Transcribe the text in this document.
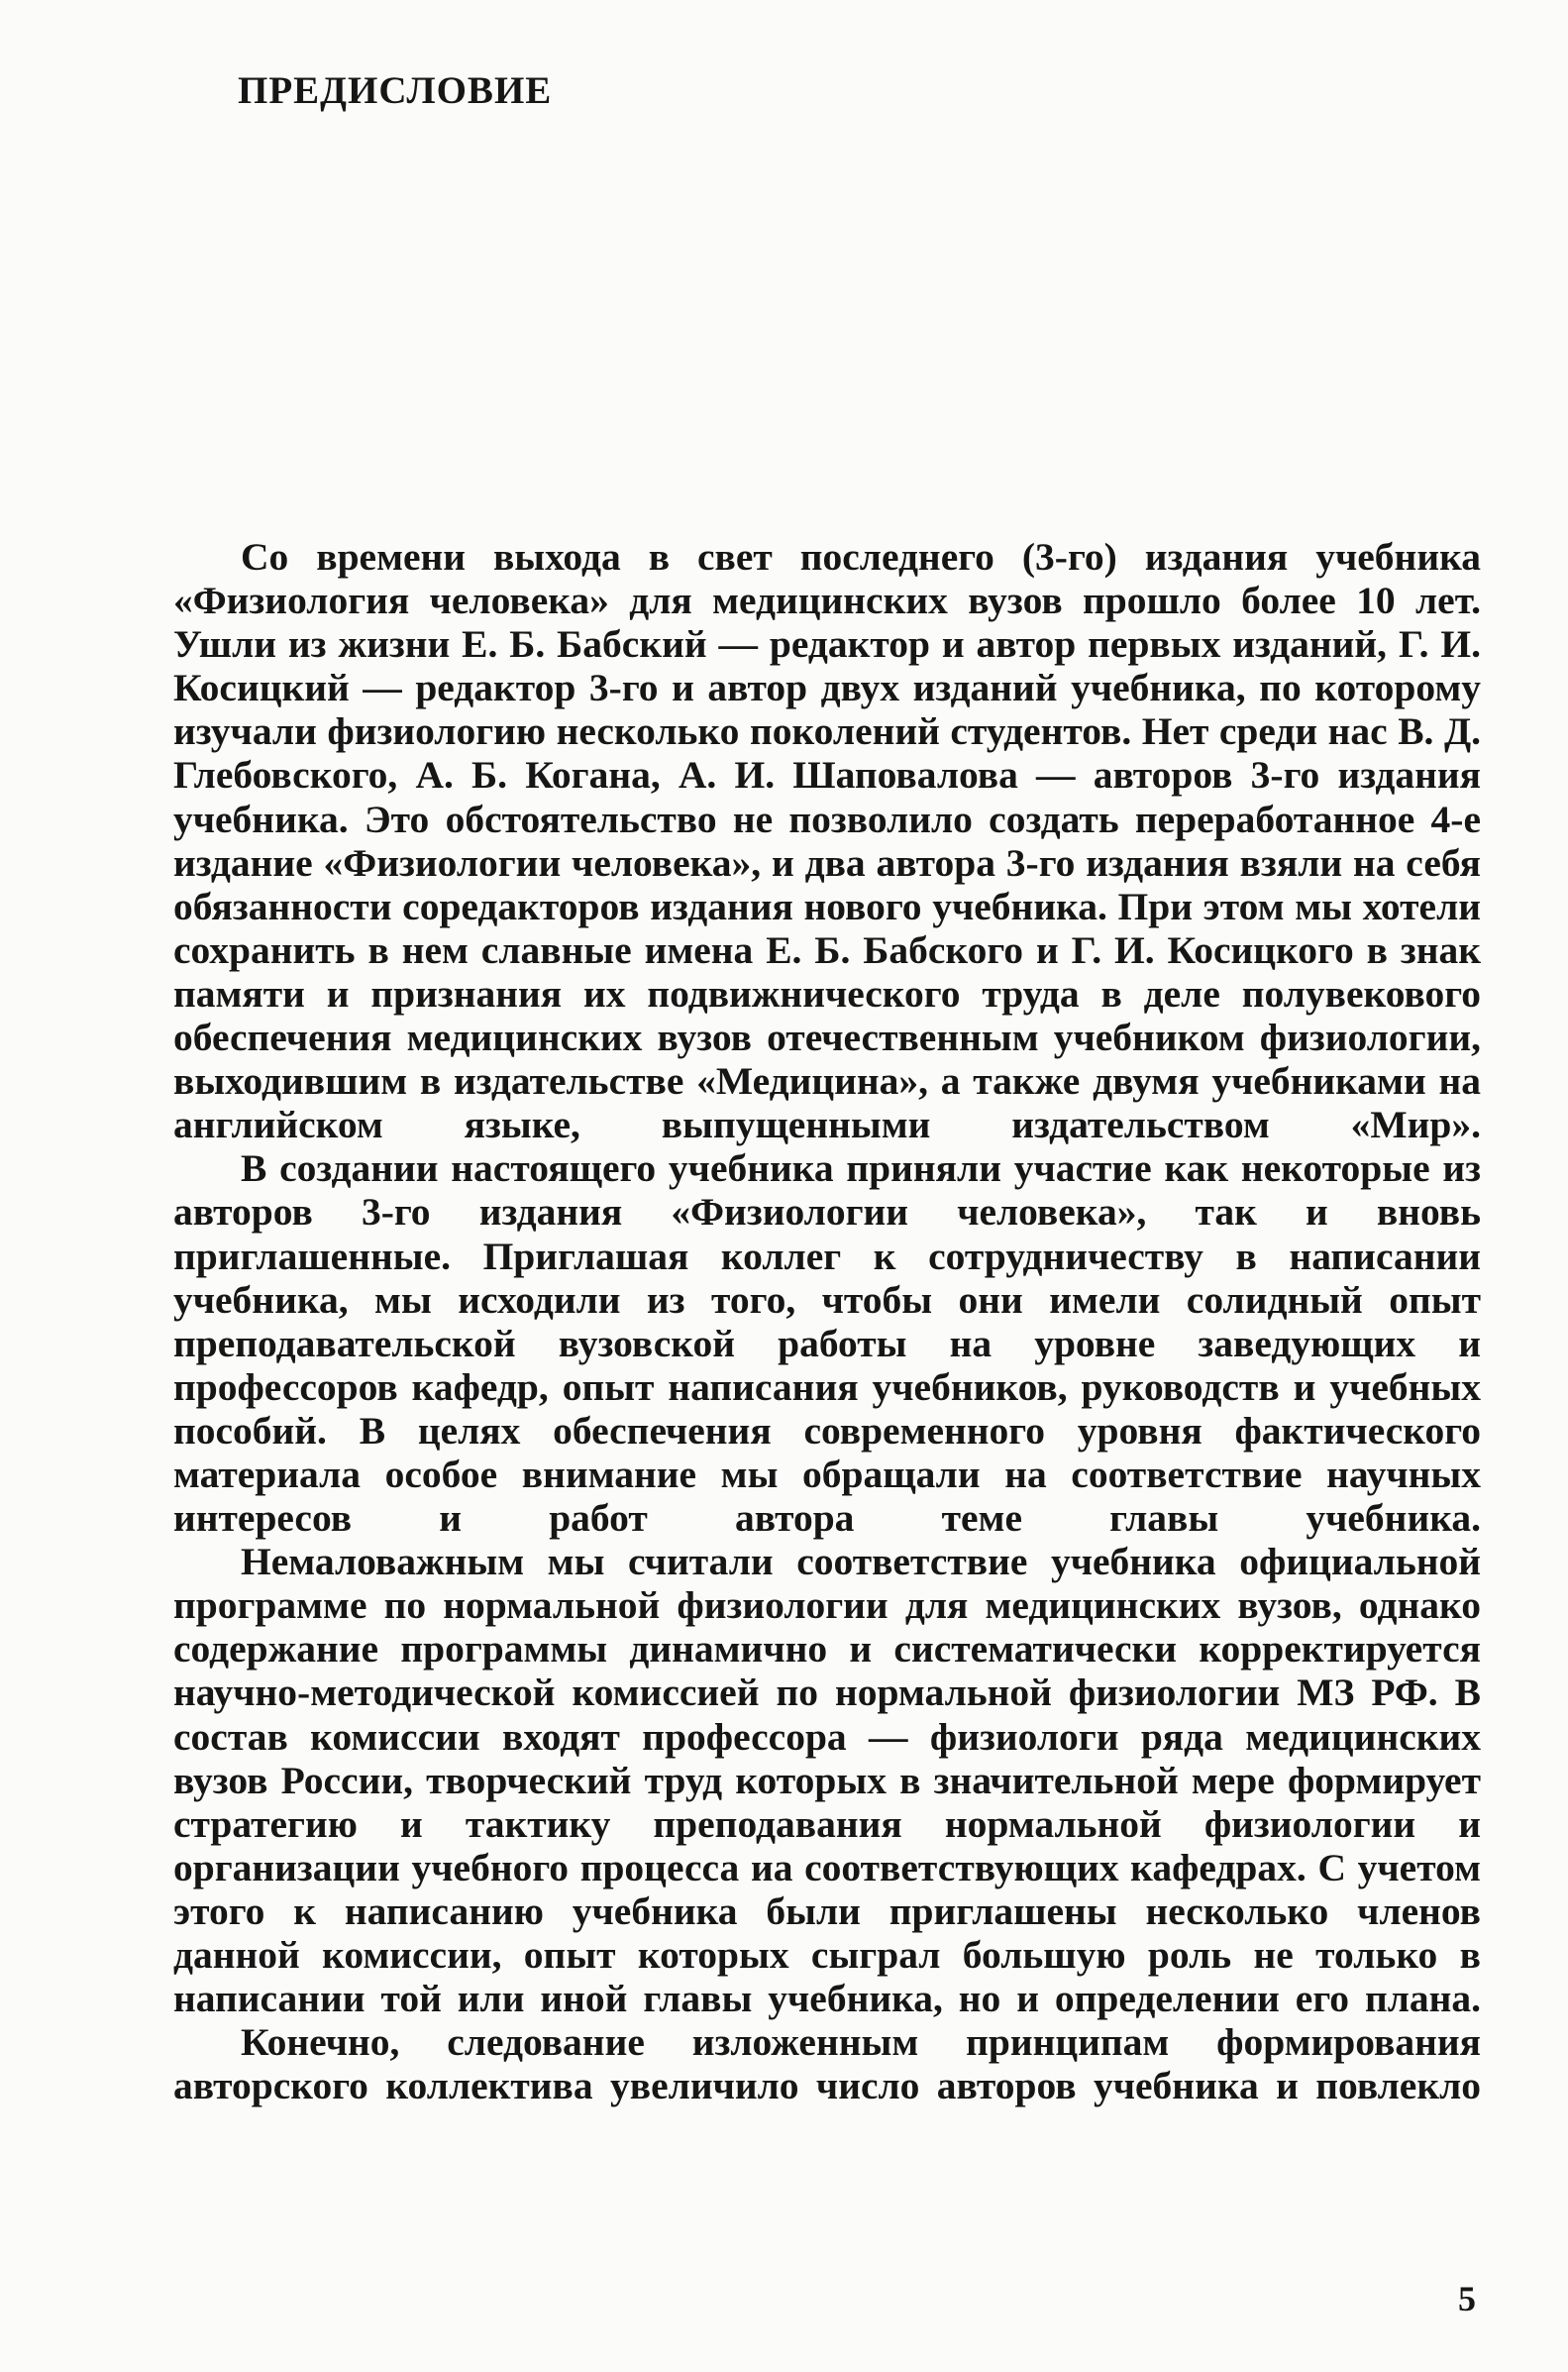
ПРЕДИСЛОВИЕ

Со времени выхода в свет последнего (3-го) издания учебника «Физиология человека» для медицинских вузов прошло более 10 лет. Ушли из жизни Е. Б. Бабский — редактор и автор первых изданий, Г. И. Косицкий — редактор 3-го и автор двух изданий учебника, по которому изучали физиологию несколько поколений студентов. Нет среди нас В. Д. Глебовского, А. Б. Когана, А. И. Шаповалова — авторов 3-го издания учебника. Это обстоятельство не позволило создать переработанное 4-е издание «Физиологии человека», и два автора 3-го издания взяли на себя обязанности соредакторов издания нового учебника. При этом мы хотели сохранить в нем славные имена Е. Б. Бабского и Г. И. Косицкого в знак памяти и признания их подвижнического труда в деле полувекового обеспечения медицинских вузов отечественным учебником физиологии, выходившим в издательстве «Медицина», а также двумя учебниками на английском языке, выпущенными издательством «Мир».

В создании настоящего учебника приняли участие как некоторые из авторов 3-го издания «Физиологии человека», так и вновь приглашенные. Приглашая коллег к сотрудничеству в написании учебника, мы исходили из того, чтобы они имели солидный опыт преподавательской вузовской работы на уровне заведующих и профессоров кафедр, опыт написания учебников, руководств и учебных пособий. В целях обеспечения современного уровня фактического материала особое внимание мы обращали на соответствие научных интересов и работ автора теме главы учебника.

Немаловажным мы считали соответствие учебника официальной программе по нормальной физиологии для медицинских вузов, однако содержание программы динамично и систематически корректируется научно-методической комиссией по нормальной физиологии МЗ РФ. В состав комиссии входят профессора — физиологи ряда медицинских вузов России, творческий труд которых в значительной мере формирует стратегию и тактику преподавания нормальной физиологии и организации учебного процесса иа соответствующих кафедрах. С учетом этого к написанию учебника были приглашены несколько членов данной комиссии, опыт которых сыграл большую роль не только в написании той или иной главы учебника, но и определении его плана.

Конечно, следование изложенным принципам формирования авторского коллектива увеличило число авторов учебника и повлекло

5
